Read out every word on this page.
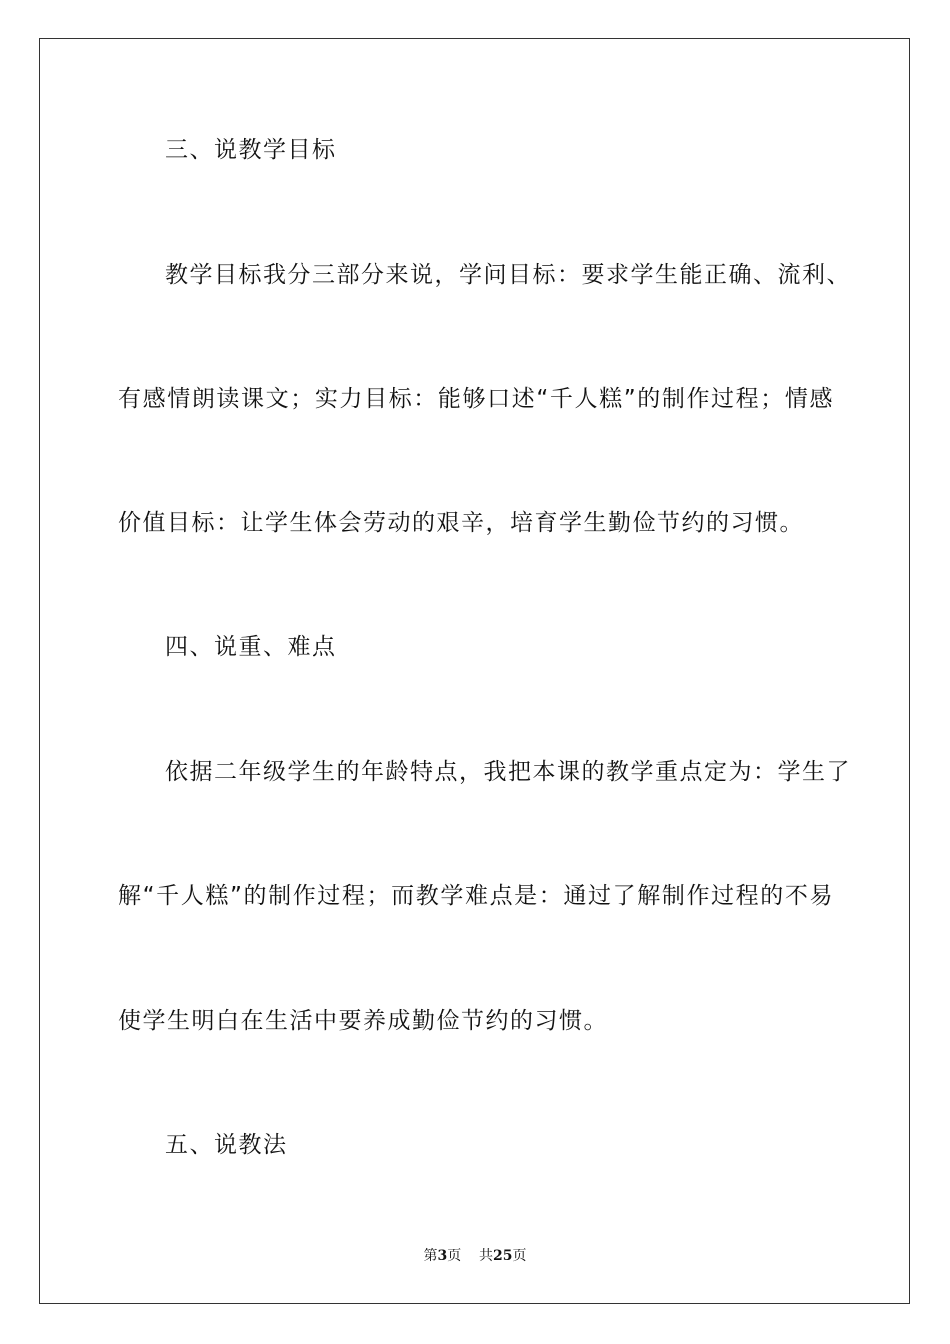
三、说教学目标
教学目标我分三部分来说，学问目标：要求学生能正确、流利、
有感情朗读课文；实力目标：能够口述“千人糕”的制作过程；情感
价值目标：让学生体会劳动的艰辛，培育学生勤俭节约的习惯。
四、说重、难点
依据二年级学生的年龄特点，我把本课的教学重点定为：学生了
解“千人糕”的制作过程；而教学难点是：通过了解制作过程的不易
使学生明白在生活中要养成勤俭节约的习惯。
五、说教法
第3页 共25页
